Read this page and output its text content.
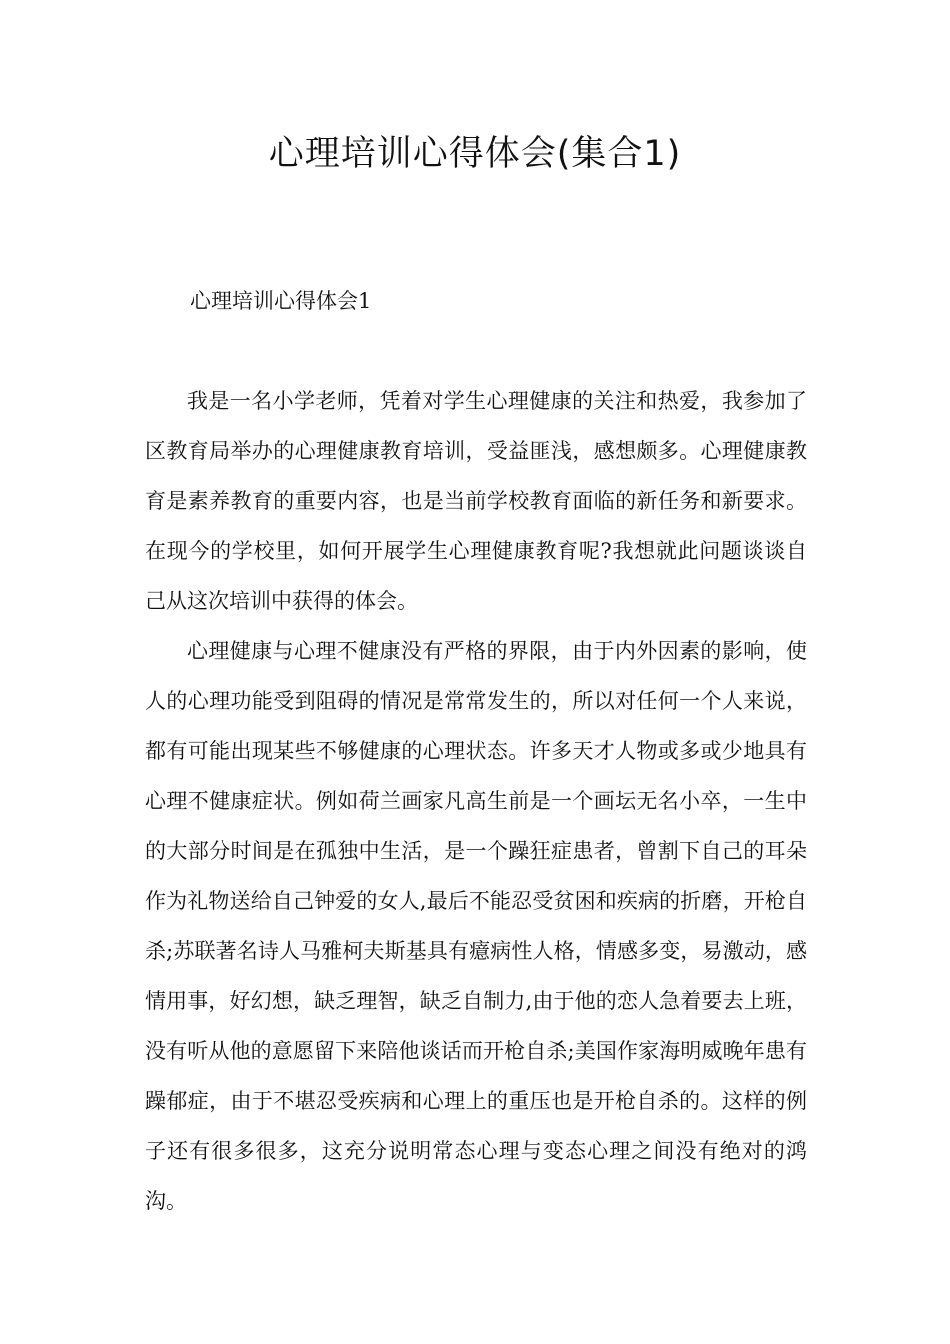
心理培训心得体会(集合1)

心理培训心得体会1

我是一名小学老师，凭着对学生心理健康的关注和热爱，我参加了区教育局举办的心理健康教育培训，受益匪浅，感想颇多。心理健康教育是素养教育的重要内容，也是当前学校教育面临的新任务和新要求。在现今的学校里，如何开展学生心理健康教育呢?我想就此问题谈谈自己从这次培训中获得的体会。

心理健康与心理不健康没有严格的界限，由于内外因素的影响，使人的心理功能受到阻碍的情况是常常发生的，所以对任何一个人来说，都有可能出现某些不够健康的心理状态。许多天才人物或多或少地具有心理不健康症状。例如荷兰画家凡高生前是一个画坛无名小卒，一生中的大部分时间是在孤独中生活，是一个躁狂症患者，曾割下自己的耳朵作为礼物送给自己钟爱的女人,最后不能忍受贫困和疾病的折磨，开枪自杀;苏联著名诗人马雅柯夫斯基具有癔病性人格，情感多变，易激动，感情用事，好幻想，缺乏理智，缺乏自制力,由于他的恋人急着要去上班，没有听从他的意愿留下来陪他谈话而开枪自杀;美国作家海明威晚年患有躁郁症，由于不堪忍受疾病和心理上的重压也是开枪自杀的。这样的例子还有很多很多，这充分说明常态心理与变态心理之间没有绝对的鸿沟。
